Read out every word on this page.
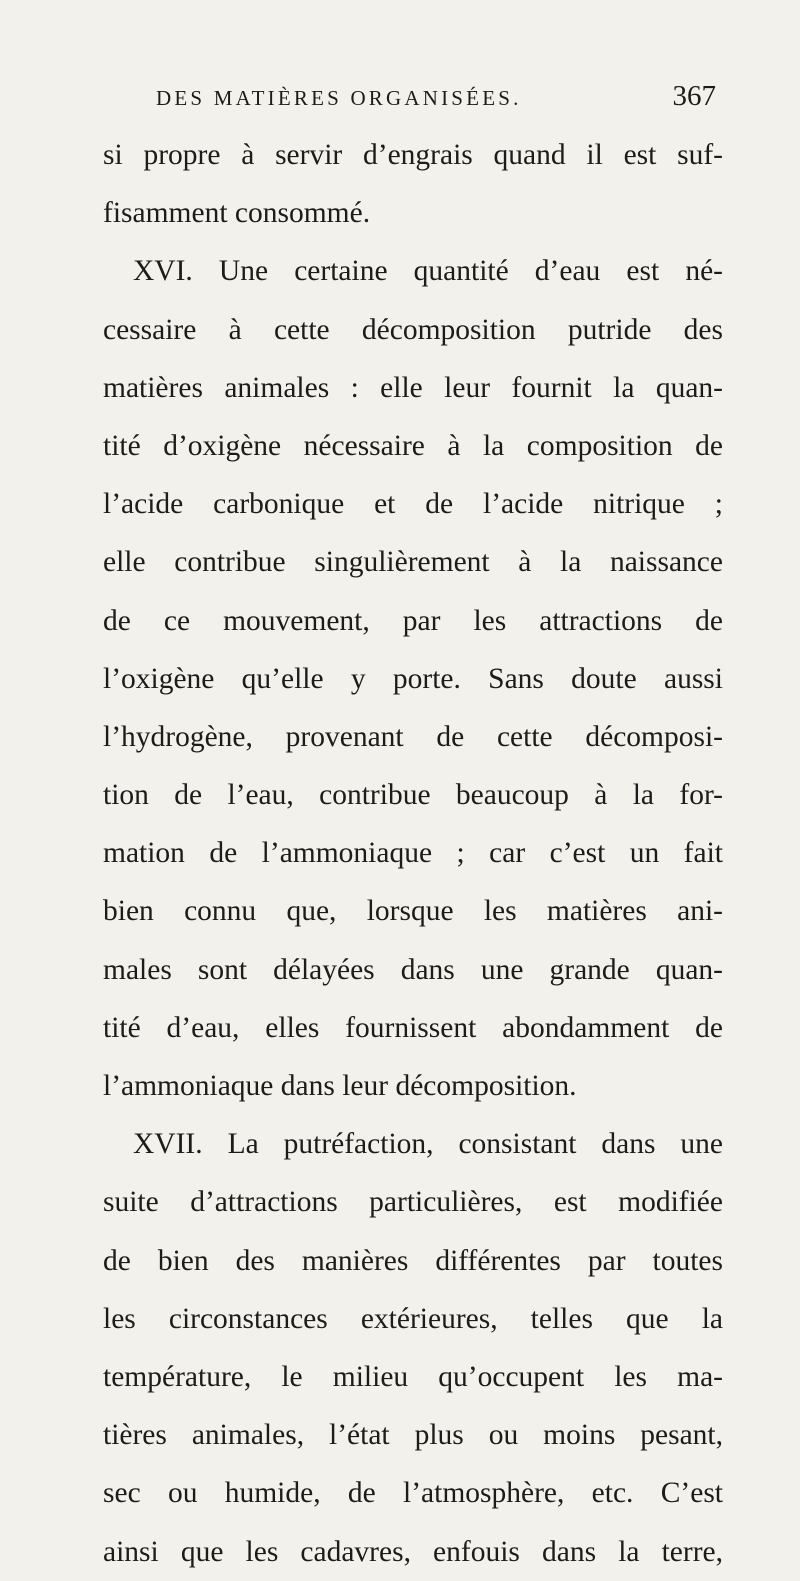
DES MATIÈRES ORGANISÉES.	367
si propre à servir d’engrais quand il est suf-
fisamment consommé.
XVI. Une certaine quantité d’eau est né-
cessaire à cette décomposition putride des
matières animales : elle leur fournit la quan-
tité d’oxigène nécessaire à la composition de
l’acide carbonique et de l’acide nitrique ;
elle contribue singulièrement à la naissance
de ce mouvement, par les attractions de
l’oxigène qu’elle y porte. Sans doute aussi
l’hydrogène, provenant de cette décomposi-
tion de l’eau, contribue beaucoup à la for-
mation de l’ammoniaque ; car c’est un fait
bien connu que, lorsque les matières ani-
males sont délayées dans une grande quan-
tité d’eau, elles fournissent abondamment de
l’ammoniaque dans leur décomposition.
XVII. La putréfaction, consistant dans une
suite d’attractions particulières, est modifiée
de bien des manières différentes par toutes
les circonstances extérieures, telles que la
température, le milieu qu’occupent les ma-
tières animales, l’état plus ou moins pesant,
sec ou humide, de l’atmosphère, etc. C’est
ainsi que les cadavres, enfouis dans la terre,
